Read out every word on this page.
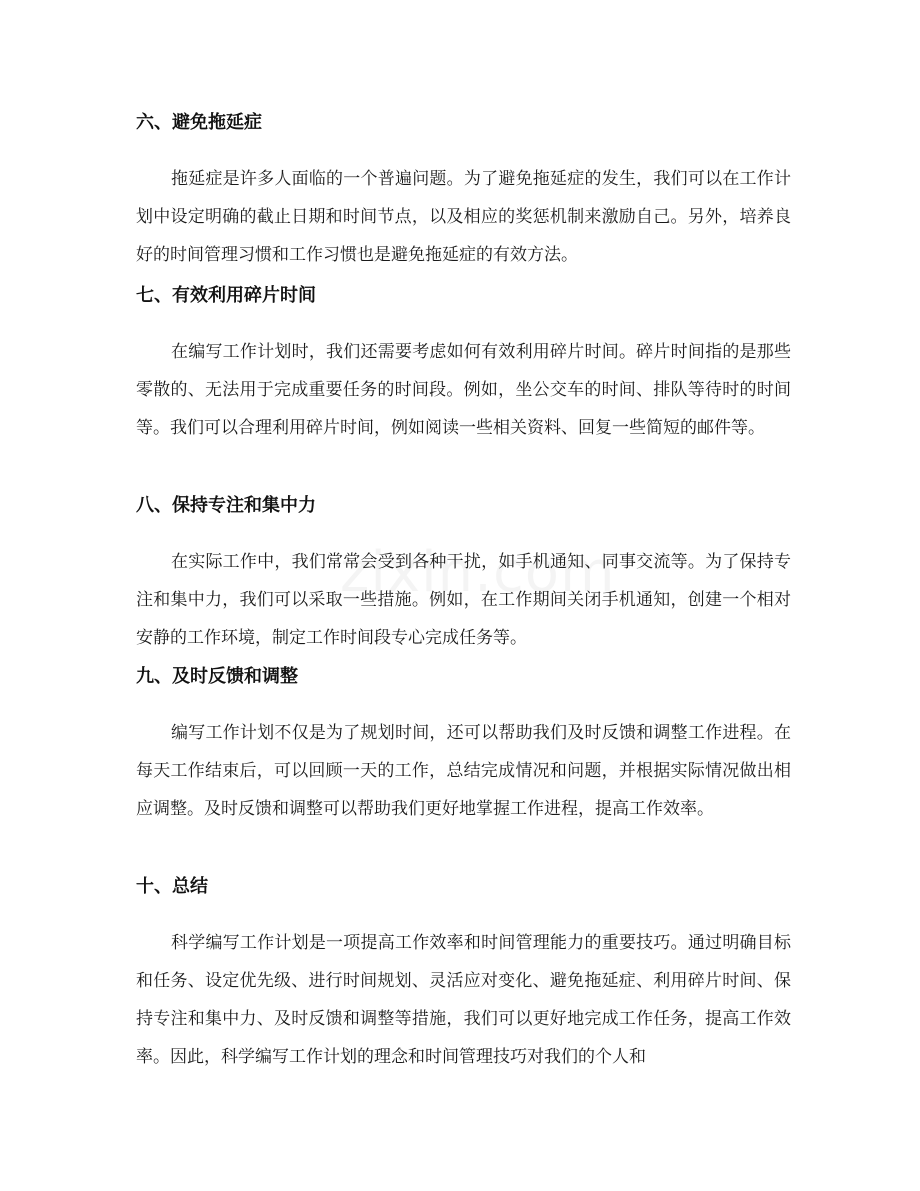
六、避免拖延症

拖延症是许多人面临的一个普遍问题。为了避免拖延症的发生，我们可以在工作计划中设定明确的截止日期和时间节点，以及相应的奖惩机制来激励自己。另外，培养良好的时间管理习惯和工作习惯也是避免拖延症的有效方法。

七、有效利用碎片时间

在编写工作计划时，我们还需要考虑如何有效利用碎片时间。碎片时间指的是那些零散的、无法用于完成重要任务的时间段。例如，坐公交车的时间、排队等待时的时间等。我们可以合理利用碎片时间，例如阅读一些相关资料、回复一些简短的邮件等。

八、保持专注和集中力

在实际工作中，我们常常会受到各种干扰，如手机通知、同事交流等。为了保持专注和集中力，我们可以采取一些措施。例如，在工作期间关闭手机通知，创建一个相对安静的工作环境，制定工作时间段专心完成任务等。

九、及时反馈和调整

编写工作计划不仅是为了规划时间，还可以帮助我们及时反馈和调整工作进程。在每天工作结束后，可以回顾一天的工作，总结完成情况和问题，并根据实际情况做出相应调整。及时反馈和调整可以帮助我们更好地掌握工作进程，提高工作效率。

十、总结

科学编写工作计划是一项提高工作效率和时间管理能力的重要技巧。通过明确目标和任务、设定优先级、进行时间规划、灵活应对变化、避免拖延症、利用碎片时间、保持专注和集中力、及时反馈和调整等措施，我们可以更好地完成工作任务，提高工作效率。因此，科学编写工作计划的理念和时间管理技巧对我们的个人和
